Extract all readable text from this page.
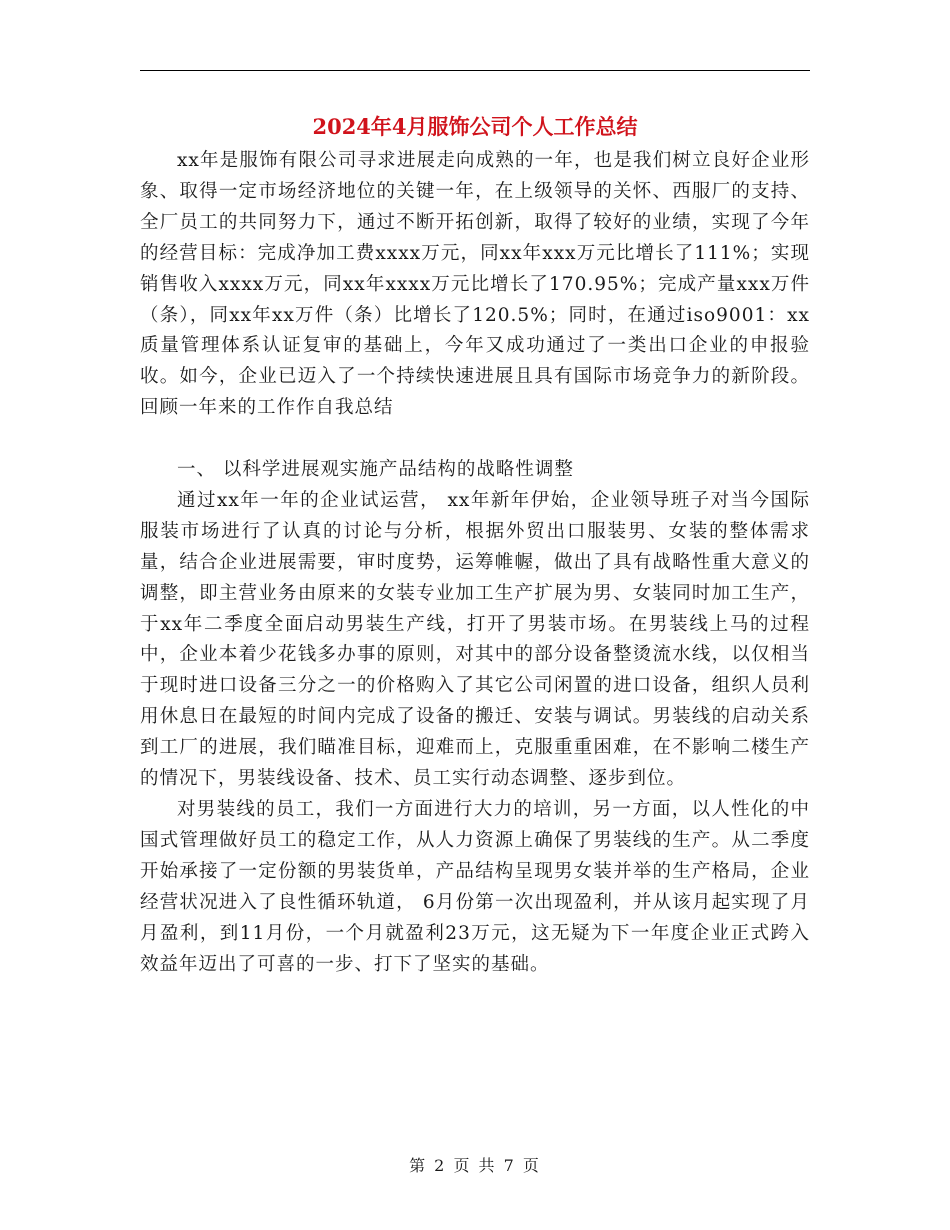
2024年4月服饰公司个人工作总结

xx年是服饰有限公司寻求进展走向成熟的一年，也是我们树立良好企业形象、取得一定市场经济地位的关键一年，在上级领导的关怀、西服厂的支持、全厂员工的共同努力下，通过不断开拓创新，取得了较好的业绩，实现了今年的经营目标：完成净加工费xxxx万元，同xx年xxx万元比增长了111%；实现销售收入xxxx万元，同xx年xxxx万元比增长了170.95%；完成产量xxx万件（条），同xx年xx万件（条）比增长了120.5%；同时，在通过iso9001：xx质量管理体系认证复审的基础上，今年又成功通过了一类出口企业的申报验收。如今，企业已迈入了一个持续快速进展且具有国际市场竞争力的新阶段。回顾一年来的工作作自我总结

一、 以科学进展观实施产品结构的战略性调整

通过xx年一年的企业试运营， xx年新年伊始，企业领导班子对当今国际服装市场进行了认真的讨论与分析，根据外贸出口服装男、女装的整体需求量，结合企业进展需要，审时度势，运筹帷幄，做出了具有战略性重大意义的调整，即主营业务由原来的女装专业加工生产扩展为男、女装同时加工生产，于xx年二季度全面启动男装生产线，打开了男装市场。在男装线上马的过程中，企业本着少花钱多办事的原则，对其中的部分设备整烫流水线，以仅相当于现时进口设备三分之一的价格购入了其它公司闲置的进口设备，组织人员利用休息日在最短的时间内完成了设备的搬迁、安装与调试。男装线的启动关系到工厂的进展，我们瞄准目标，迎难而上，克服重重困难，在不影响二楼生产的情况下，男装线设备、技术、员工实行动态调整、逐步到位。

对男装线的员工，我们一方面进行大力的培训，另一方面，以人性化的中国式管理做好员工的稳定工作，从人力资源上确保了男装线的生产。从二季度开始承接了一定份额的男装货单，产品结构呈现男女装并举的生产格局，企业经营状况进入了良性循环轨道， 6月份第一次出现盈利，并从该月起实现了月月盈利，到11月份，一个月就盈利23万元，这无疑为下一年度企业正式跨入效益年迈出了可喜的一步、打下了坚实的基础。

第 2 页 共 7 页
